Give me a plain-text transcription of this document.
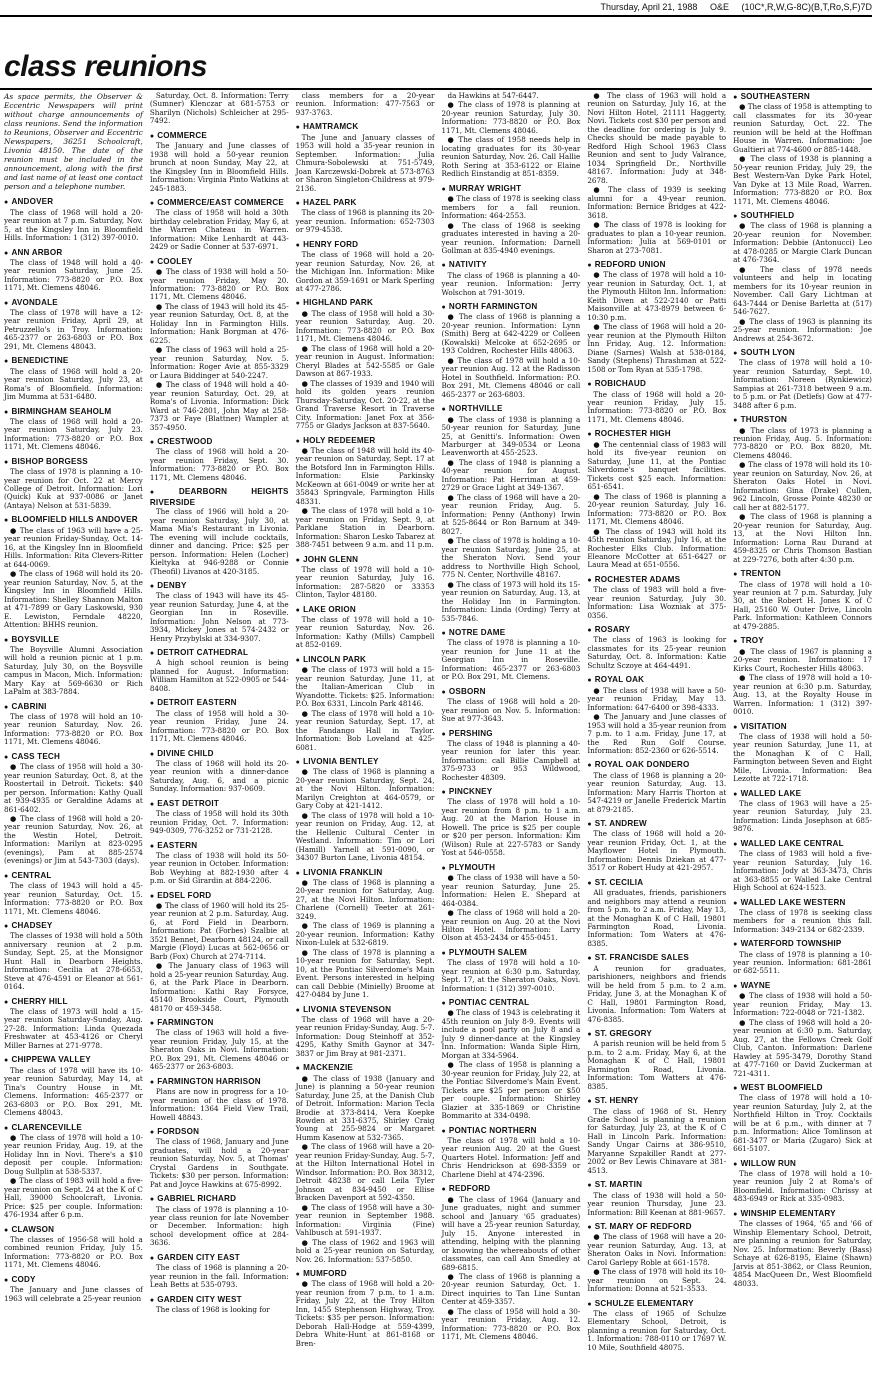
Thursday, April 21, 1988 O&E (10C*,R,W,G-8C)(B,T,Ro,S,F)7D
class reunions
As space permits, the Observer & Eccentric Newspapers will print without charge announcements of class reunions. Send the information to Reunions, Observer and Eccentric Newspapers, 36251 Schoolcraft, Livonia 48150. The date of the reunion must be included in the announcement, along with the first and last name of at least one contact person and a telephone number.
● ANDOVER
The class of 1968 will hold a 20-year reunion at 7 p.m. Saturday, Nov. 5, at the Kingsley Inn in Bloomfield Hills. Information: 1 (312) 397-0010.
● ANN ARBOR
The class of 1948 will hold a 40-year reunion Saturday, June 25. Information: 773-8820 or P.O. Box 1171, Mt. Clemens 48046.
● AVONDALE
The class of 1978 will have a 12-year reunion Friday, April 29, at Petruzzello's in Troy. Information: 465-2377 or 263-6803 or P.O. Box 291, Mt. Clemens 48043.
● BENEDICTINE
The class of 1968 will hold a 20-year reunion Saturday, July 23, at Roma's of Bloomfield. Information: Jim Mumma at 531-6480.
● BIRMINGHAM SEAHOLM
The class of 1968 will hold a 20-year reunion Saturday, July 23. Information: 773-8820 or P.O. Box 1171, Mt. Clemens 48046.
● BISHOP BORGESS
The class of 1978 is planning a 10-year reunion for Oct. 22 at Mercy College of Detroit. Information: Lori (Quick) Kuk at 937-0086 or Janet (Antaya) Nelson at 531-5839.
● BLOOMFIELD HILLS ANDOVER
● The class of 1963 will have a 25-year reunion Friday-Sunday, Oct. 14-16, at the Kingsley Inn in Bloomfield Hills. Information: Rita Clevers-Ritter at 644-0069.
● The class of 1968 will hold its 20-year reunion Saturday, Nov. 5, at the Kingsley Inn in Bloomfield Hills. Information: Shelley Shannon Malton at 471-7899 or Gary Laskowski, 930 E. Lewiston, Ferndale 48220, Attention: BHHS reunion.
● BOYSVILLE
The Boysville Alumni Association will hold a reunion picnic at 1 p.m. Saturday, July 30, on the Boysville campus in Macon, Mich. Information: Mary Kay at 569-6630 or Rich LaPalm at 383-7884.
● CABRINI
The class of 1978 will hold an 10-year reunion Saturday, Nov. 26. Information: 773-8820 or P.O. Box 1171, Mt. Clemens 48046.
● CASS TECH
● The class of 1958 will hold a 30-year reunion Saturday, Oct. 8, at the Roostertail in Detroit. Tickets: $40 per person. Information: Kathy Quall at 939-4935 or Geraldine Adams at 861-6402.
● The class of 1968 will hold a 20-year reunion Saturday, Nov. 26, at the Westin Hotel, Detroit. Information: Marilyn at 823-0295 (evenings), Pam at 885-2574 (evenings) or Jim at 543-7303 (days).
● CENTRAL
The class of 1943 will hold a 45-year reunion Saturday, Oct. 15. Information: 773-8820 or P.O. Box 1171, Mt. Clemens 48046.
● CHADSEY
The classes of 1938 will hold a 50th anniversary reunion at 2 p.m. Sunday, Sept. 25, at the Monsignor Hunt Hall in Dearborn Heights. Information: Cecilia at 278-6653, Steve at 476-4591 or Eleanor at 561-0164.
● CHERRY HILL
The class of 1973 will hold a 15-year reunion Saturday-Sunday, Aug. 27-28. Information: Linda Quezada Freshwater at 453-4126 or Cheryl Miller Barnes at 271-9778.
● CHIPPEWA VALLEY
The class of 1978 will have its 10-year reunion Saturday, May 14, at Tina's Country House in Mt. Clemens. Information: 465-2377 or 263-6803 or P.O. Box 291, Mt. Clemens 48043.
● CLARENCEVILLE
● The class of 1978 will hold a 10-year reunion Friday, Aug. 19, at the Holiday Inn in Novi. There's a $10 deposit per couple. Information: Doug Sullplin at 538-5337.
● The class of 1983 will hold a five-year reunion on Sept. 24 at the K of C Hall, 39000 Schoolcraft, Livonia. Price: $25 per couple. Information: 476-1934 after 6 p.m.
● CLAWSON
The classes of 1956-58 will hold a combined reunion Friday, July 15. Information: 773-8820 or P.O. Box 1171, Mt. Clemens 48046.
● CODY
The January and June classes of 1963 will celebrate a 25-year reunion
Saturday, Oct. 8. Information: Terry (Sumner) Klenczar at 681-5753 or Sharilyn (Nichols) Schleicher at 295-7492.
● COMMERCE
The January and June classes of 1938 will hold a 50-year reunion brunch at noon Sunday, May 22, at the Kingsley Inn in Bloomfield Hills. Information: Virginia Pinto Watkins at 245-1883.
● COMMERCE/EAST COMMERCE
The class of 1958 will hold a 30th birthday celebration Friday, May 6, at the Warren Chateau in Warren. Information: Mike Lenhardt at 443-2429 or Sadie Conner at 537-6971.
● COOLEY
● The class of 1938 will hold a 50-year reunion Friday, May 20. Information: 773-8820 or P.O. Box 1171, Mt. Clemens 48046.
● The class of 1943 will hold its 45-year reunion Saturday, Oct. 8, at the Holiday Inn in Farmington Hills. Information: Hank Borgman at 476-6225.
● The class of 1963 will hold a 25-year reunion Saturday, Nov. 5. Information: Roger Avie at 855-3329 or Laura Biddinger at 540-2247.
● The class of 1948 will hold a 40-year reunion Saturday, Oct. 29, at Roma's of Livonia. Information: Dick Ward at 746-2801, John May at 258-7373 or Faye (Blattner) Wampler at 357-4950.
● CRESTWOOD
The class of 1968 will hold a 20-year reunion Friday, Sept. 30. Information: 773-8820 or P.O. Box 1171, Mt. Clemens 48046.
● DEARBORN HEIGHTS RIVERSIDE
The class of 1966 will hold a 20-year reunion Saturday, July 30, at Mama Mia's Restaurant in Livonia. The evening will include cocktails, dinner and dancing. Price: $25 per person. Information: Helen (Locher) Kieltyka at 946-9288 or Connie (Theofil) Livanos at 420-3185.
● DENBY
The class of 1943 will have its 45-year reunion Saturday, June 4, at the Georgian Inn in Roseville. Information: John Nelson at 773-3934, Mickey Jones at 574-2432 or Henry Przybylski at 334-9307.
● DETROIT CATHEDRAL
A high school reunion is being planned for August. Information: William Hamilton at 522-0905 or 544-8408.
● DETROIT EASTERN
The class of 1958 will hold a 30-year reunion Friday, June 24. Information: 773-8820 or P.O. Box 1171, Mt. Clemens 48046.
● DIVINE CHILD
The class of 1968 will hold its 20-year reunion with a dinner-dance Saturday, Aug. 6, and a picnic Sunday. Information: 937-0609.
● EAST DETROIT
The class of 1958 will hold its 30th reunion Friday, Oct. 7. Information: 949-0309, 776-3252 or 731-2128.
● EASTERN
The class of 1938 will hold its 50-year reunion in October. Information: Bob Weyhing at 882-1930 after 4 p.m. or Sid Girardin at 884-2206.
● EDSEL FORD
● The class of 1960 will hold its 25-year reunion at 2 p.m. Saturday, Aug. 6, at Ford Field in Dearborn. Information: Pat (Forbes) Szalbie at 3521 Bennet, Dearborn 48124, or call Margie (Floyd) Lucas at 562-0656 or Barb (Fox) Church at 274-7114.
● The January class of 1963 will hold a 25-year reunion Saturday, Aug. 6, at the Park Place in Dearborn. Information: Kathi Ray Forsyce, 45140 Brookside Court, Plymouth 48170 or 459-3458.
● FARMINGTON
The class of 1963 will hold a five-year reunion Friday, July 15, at the Sheraton Oaks in Novi. Information: P.O. Box 291, Mt. Clemens 48046 or 465-2377 or 263-6803.
● FARMINGTON HARRISON
Plans are now in progress for a 10-year reunion of the class of 1978. Information: 1364 Field View Trail, Howell 48843.
● FORDSON
The class of 1968, January and June graduates, will hold a 20-year reunion Saturday, Nov. 5, at Thomas' Crystal Gardens in Southgate. Tickets: $30 per person. Information: Pat and Joyce Hawkins at 675-8992.
● GABRIEL RICHARD
The class of 1978 is planning a 10-year class reunion for late November or December. Information: high school development office at 284-3636.
● GARDEN CITY EAST
The class of 1968 is planning a 20-year reunion in the fall. Information: Leah Betts at 535-0793.
● GARDEN CITY WEST
The class of 1968 is looking for
class members for a 20-year reunion. Information: 477-7563 or 937-3763.
● HAMTRAMCK
The June and January classes of 1953 will hold a 35-year reunion in September. Information: Julia Chmura-Sobolewski at 751-5749, Joan Karczewski-Dobrek at 573-8763 or Sharon Singleton-Childress at 979-2136.
● HAZEL PARK
The class of 1968 is planning its 20-year reunion. Information: 652-7303 or 979-4538.
● HENRY FORD
The class of 1968 will hold a 20-year reunion Saturday, Nov. 26, at the Michigan Inn. Information: Mike Gordon at 359-1691 or Mark Sperling at 477-2786.
● HIGHLAND PARK
● The class of 1958 will hold a 30-year reunion Saturday, Aug. 20. Information: 773-8820 or P.O. Box 1171, Mt. Clemens 48046.
● The class of 1968 will hold a 20-year reunion in August. Information: Cheryl Blades at 542-5585 or Gale Dawson at 867-1933.
● The classes of 1939 and 1940 will hold its golden years reunion Thursday-Saturday, Oct. 20-22, at the Grand Traverse Resort in Traverse City. Information: Janet Fox at 356-7755 or Gladys Jackson at 837-5640.
● HOLY REDEEMER
● The class of 1948 will hold its 40-year reunion on Saturday, Sept. 17 at the Botsford Inn in Farmington Hills. Information: Elsie Parkinsky McKeown at 661-0049 or write her at 35843 Springvale, Farmington Hills 48331.
● The class of 1978 will hold a 10-year reunion on Friday, Sept. 9, at Parklane Station in Dearborn. Information: Sharon Lesko Tabarez at 388-7451 between 9 a.m. and 11 p.m.
● JOHN GLENN
The class of 1978 will hold a 10-year reunion Saturday, July 16. Information: 287-5820 or 33353 Clinton, Taylor 48180.
● LAKE ORION
The class of 1978 will hold a 10-year reunion Saturday, Nov. 26. Information: Kathy (Mills) Campbell at 852-0169.
● LINCOLN PARK
● The class of 1973 will hold a 15-year reunion Saturday, June 11, at the Italian-American Club in Wyandotte. Tickets: $25. Information: P.O. Box 6331, Lincoln Park 48146.
● The class of 1978 will hold a 10-year reunion Saturday, Sept. 17, at the Fandango Hall in Taylor. Information: Bob Loveland at 425-6081.
● LIVONIA BENTLEY
● The class of 1968 is planning a 20-year reunion Saturday, Sept. 24, at the Novi Hilton. Information: Marilyn Creighton at 464-0579, or Gary Coby at 421-1412.
● The class of 1978 will hold a 10-year reunion on Friday, Aug. 12, at the Hellenic Cultural Center in Westland. Information: Tim or Lori (Hamill) Yarnell at 591-0090, or 34307 Burton Lane, Livonia 48154.
● LIVONIA FRANKLIN
● The class of 1968 is planning a 20-year reunion for Saturday, Aug. 27, at the Novi Hilton. Information: Charlene (Cornell) Teeter at 261-3249.
● The class of 1969 is planning a 20-year reunion. Information: Kathy Nixon-Lulek at 532-6819.
● The class of 1978 is planning a 10-year reunion for Saturday, Sept. 10, at the Pontiac Silverdome's Main Event. Persons interested in helping can call Debbie (Minielly) Broome at 427-0484 by June 1.
● LIVONIA STEVENSON
The class of 1968 will have a 20-year reunion Friday-Sunday, Aug. 5-7. Information: Doug Steinhoff at 352-4295, Kathy Smith Gaynor at 347-3837 or Jim Bray at 981-2371.
● MACKENZIE
● The class of 1938 (January and June) is planning a 50-year reunion Saturday, June 25, at the Danish Club of Detroit. Information: Marion Tecla Brodie at 373-8414, Vera Koepke Rowden at 331-6375, Shirley Craig Young at 255-9824 or Margaret Humm Kasenow at 532-7365.
● The class of 1968 will have a 20-year reunion Friday-Sunday, Aug. 5-7, at the Hilton International Hotel in Windsor. Information: P.O. Box 38312, Detroit 48238 or call Leila Tyler Johnson at 834-9450 or Ellise Bracken Davenport at 592-4350.
● The class of 1958 will have a 30-year reunion in September 1988. Information: Virginia (Fine) Vahlbusch at 591-1937.
● The class of 1962 and 1963 will hold a 25-year reunion on Saturday, Nov. 26. Information: 537-5850.
● MUMFORD
● The class of 1968 will hold a 20-year reunion from 7 p.m. to 1 a.m. Friday, July 22, at the Troy Hilton Inn, 1455 Stephenson Highway, Troy. Tickets: $35 per person. Information: Deborah Hall-Hodge at 559-4399, Debra White-Hunt at 861-8168 or Bren-
da Hawkins at 547-6447.
● The class of 1978 is planning at 20-year reunion Saturday, July 30. Information: 773-8820 or P.O. Box 1171, Mt. Clemens 48046.
● The class of 1958 needs help in locating graduates for its 30-year reunion Saturday, Nov. 26. Call Hallie Roth Sering at 353-6122 or Elaine Redlich Einstandig at 851-8359.
● MURRAY WRIGHT
● The class of 1978 is seeking class members for a fall reunion. Information: 464-2553.
● The class of 1968 is seeking graduates interested in having a 20-year reunion. Information: Darnell Gollman at 835-4940 evenings.
● NATIVITY
The class of 1968 is planning a 40-year reunion. Information: Jerry Wolschon at 791-3019.
● NORTH FARMINGTON
● The class of 1968 is planning a 20-year reunion. Information: Lynn (Smith) Berg at 642-4229 or Colleen (Kowalski) Melcoke at 652-2695 or 193 Coldren, Rochester Hills 48063.
● The class of 1978 will hold a 10-year reunion Aug. 12 at the Radisson Hotel in Southfield. Information: P.O. Box 291, Mt. Clemens 48046 or call 465-2377 or 263-6803.
● NORTHVILLE
● The class of 1938 is planning a 50-year reunion for Saturday, June 25, at Genitti's. Information: Owen Marburger at 349-0534 or Leona Leavenworth at 455-2523.
● The class of 1948 is planning a 40-year reunion for August. Information: Pat Herriman at 459-2729 or Grace Light at 349-1367.
● The class of 1968 will have a 20-year reunion Friday, Aug. 5. Information: Penny (Anthony) Irwin at 525-8644 or Ron Barnum at 349-8027.
● The class of 1978 is holding a 10-year reunion Saturday, June 25, at the Sheraton Novi. Send your address to Northville High School, 775 N. Center, Northville 48167.
● The class of 1973 will hold its 15-year reunion on Saturday, Aug. 13, at the Holiday Inn in Farmington. Information: Linda (Ording) Terry at 535-7846.
● NOTRE DAME
The class of 1978 is planning a 10-year reunion for June 11 at the Georgian Inn in Roseville. Information: 465-2377 or 263-6803 or P.O. Box 291, Mt. Clemens.
● OSBORN
The class of 1968 will hold a 20-year reunion on Nov. 5. Information: Sue at 977-3643.
● PERSHING
The class of 1948 is planning a 40-year reunion for later this year. Information: call Billie Campbell at 375-9733 or 953 Wildwood, Rochester 48309.
● PINCKNEY
The class of 1978 will hold a 10-year reunion from 8 p.m. to 1 a.m. Aug. 20 at the Marion House in Howell. The price is $25 per couple or $20 per person. Information: Kim (Wilson) Rule at 227-5783 or Sandy Yost at 546-0558.
● PLYMOUTH
● The class of 1938 will have a 50-year reunion Saturday, June 25. Information: Helen E. Shepard at 464-0384.
● The class of 1968 will hold a 20-year reunion on Aug. 20 at the Novi Hilton Hotel. Information: Larry Olson at 453-2434 or 455-0451.
● PLYMOUTH SALEM
The class of 1978 will hold a 10-year reunion at 6:30 p.m. Saturday, Sept. 17, at the Sheraton Oaks, Novi. Information: 1 (312) 397-0010.
● PONTIAC CENTRAL
● The class of 1943 is celebrating it 45th reunion on July 8-9. Events will include a pool party on July 8 and a July 9 dinner-dance at the Kingsley Inn. Information: Wanda Siple Hirn, Morgan at 334-5964.
● The class of 1958 is planning a 30-year reunion for Friday, July 22, at the Pontiac Silverdome's Main Event. Tickets are $25 per person or $50 per couple. Information: Shirley Glazier at 335-1869 or Christine Bommarito at 334-0498.
● PONTIAC NORTHERN
The class of 1978 will hold a 10-year reunion Aug. 20 at the Guest Quarters Hotel. Information: Jeff and Chris Hendrickson at 698-3359 or Charlene Diehl at 474-2396.
● REDFORD
● The class of 1964 (January and June graduates, night and summer school and January '65 graduates) will have a 25-year reunion Saturday, July 15. Anyone interested in attending, helping with the planning or knowing the whereabouts of other classmates, can call Ann Smedley at 689-6815.
● The class of 1968 is planning a 20-year reunion Saturday, Oct. 1. Direct inquiries to Tan Line Suntan Center at 459-3357.
● The class of 1958 will hold a 30-year reunion Friday, Aug. 12. Information: 773-8820 or P.O. Box 1171, Mt. Clemens 48046.
● The class of 1963 will hold a reunion on Saturday, July 16, at the Novi Hilton Hotel, 21111 Haggerty, Novi. Tickets cost $30 per person and the deadline for ordering is July 9. Checks should be made payable to Redford High School 1963 Class Reunion and sent to Judy Valrance, 1034 Springfield Dr., Northville 48167. Information: Judy at 348-2678.
● The class of 1939 is seeking alumni for a 49-year reunion. Information: Bernice Bridges at 422-3618.
● The class of 1978 is looking for graduates to plan a 10-year reunion. Information: Julia at 569-0101 or Sharon at 273-7081.
● REDFORD UNION
● The class of 1978 will hold a 10-year reunion in Saturday, Oct. 1, at the Plymouth Hilton Inn. Information: Keith Diven at 522-2140 or Patti Maisonville at 473-8979 between 6-10:30 p.m.
● The class of 1968 will hold a 20-year reunion at the Plymouth Hilton Inn Friday, Aug. 12. Information: Diane (Sarnes) Walsh at 538-0184, Sandy (Stephens) Thrashman at 522-1508 or Tom Ryan at 535-1798.
● ROBICHAUD
The class of 1968 will hold a 20-year reunion Friday, July 15. Information: 773-8820 or P.O. Box 1171, Mt. Clemens 48046.
● ROCHESTER HIGH
● The centennial class of 1983 will hold its five-year reunion on Saturday, June 11, at the Pontiac Silverdome's banquet facilities. Tickets cost $25 each. Information: 651-6541.
● The class of 1968 is planning a 20-year reunion Saturday, July 16. Information: 773-8820 or P.O. Box 1171, Mt. Clemens 48046.
● The class of 1943 will hold its 45th reunion Saturday, July 16, at the Rochester Elks Club. Information: Eleanore McCotter at 651-6427 or Laura Mead at 651-0556.
● ROCHESTER ADAMS
The class of 1983 will hold a five-year reunion Saturday, July 30. Information: Lisa Wozniak at 375-0356.
● ROSARY
The class of 1963 is looking for classmates for its 25-year reunion Saturday, Oct. 8. Information: Katie Schultz Sczoye at 464-4491.
● ROYAL OAK
● The class of 1938 will have a 50-year reunion Friday, May 13. Information: 647-6400 or 398-4333.
● The January and June classes of 1953 will hold a 35-year reunion from 7 p.m. to 1 a.m. Friday, June 17, at the Red Run Golf Course. Information: 852-2360 or 626-5514.
● ROYAL OAK DONDERO
The class of 1968 is planning a 20-year reunion Saturday, Aug. 13. Information: Mary Harris Thorton at 547-4219 or Janelle Frederick Martin at 879-2185.
● ST. ANDREW
The class of 1968 will hold a 20-year reunion Friday, Oct. 1, at the Mayflower Hotel in Plymouth. Information: Dennis Dziekan at 477-3517 or Robert Hudy at 421-2957.
● ST. CECILIA
All graduates, friends, parishioners and neighbors may attend a reunion from 5 p.m. to 2 a.m. Friday, May 13, at the Monaghan K of C Hall, 19801 Farmington Road, Livonia. Information: Tom Waters at 476-8385.
● ST. FRANCISDE SALES
A reunion for graduates, parishioners, neighbors and friends will be held from 5 p.m. to 2 a.m. Friday, June 3, at the Monaghan K of C Hall, 19801 Farmington Road, Livonia. Information: Tom Waters at 476-8385.
● ST. GREGORY
A parish reunion will be held from 5 p.m. to 2 a.m. Friday, May 6, at the Monaghan K of C Hall, 19801 Farmington Road, Livonia. Information: Tom Watters at 476-8385.
● ST. HENRY
The class of 1968 of St. Henry Grade School is planning a reunion for Saturday, July 23, at the K of C Hall in Lincoln Park. Information: Sandy Ungar Cairns at 386-9510, Maryanne Szpakiller Randt at 277-2002 or Bev Lewis Chinavare at 381-4513.
● ST. MARTIN
The class of 1938 will hold a 50-year reunion Thursday, June 23. Information: Bill Keenan at 881-9657.
● ST. MARY OF REDFORD
● The class of 1968 will have a 20-year reunion Saturday, Aug. 13, at Sheraton Oaks in Novi. Information: Carol Garlepy Roble at 661-1578.
● The class of 1978 will hold its 10-year reunion on Sept. 24. Information: Donna at 521-3533.
● SCHULZE ELEMENTARY
The class of 1965 of Schulze Elementary School, Detroit, is planning a reunion for Saturday, Oct. 1. Information: 788-0110 or 17697 W. 10 Mile, Southfield 48075.
● SOUTHEASTERN
● The class of 1958 is attempting to call classmates for its 30-year reunion Saturday, Oct. 22. The reunion will be held at the Hoffman House in Warren. Information: Joe Gualtieri at 774-4600 or 885-1448.
● The class of 1938 is planning a 50-year reunion Friday, July 29, the Best Western-Van Dyke Park Hotel, Van Dyke at 13 Mile Road, Warren. Information: 773-8820 or P.O. Box 1171, Mt. Clemens 48046.
● SOUTHFIELD
● The class of 1968 is planning a 20-year reunion for November. Information: Debbie (Antonucci) Leo at 478-0285 or Margie Clark Duncan at 476-7364.
● The class of 1978 needs volunteers and help in locating members for its 10-year reunion in November. Call Gary Lichtman at 643-7444 or Denise Barletta at (517) 546-7627.
● The class of 1963 is planning its 25-year reunion. Information: Joe Andrews at 254-3672.
● SOUTH LYON
The class of 1978 will hold a 10-year reunion Saturday, Sept. 10. Information: Noreen (Rynkiewicz) Sampias at 261-7318 between 9 a.m. to 5 p.m. or Pat (Detlefs) Gow at 477-3488 after 6 p.m.
● THURSTON
● The class of 1973 is planning a reunion Friday, Aug. 5. Information: 773-8820 or P.O. Box 8820, Mt. Clemens 48046.
● The class of 1978 will hold its 10-year reunion on Saturday, Nov. 26, at Sheraton Oaks Hotel in Novi. Information: Gina (Drake) Cullen, 962 Lincoln, Grosse Pointe 48230 or call her at 882-5177.
● The class of 1968 is planning a 20-year reunion for Saturday, Aug. 13, at the Novi Hilton Inn. Information: Lorna Rau Durand at 459-8325 or Chris Thomson Bastian at 229-7276, both after 4:30 p.m.
● TRENTON
The class of 1978 will hold a 10-year reunion at 7 p.m. Saturday, July 30, at the Robert H. Jones K of C Hall, 25160 W. Outer Drive, Lincoln Park. Information: Kathleen Connors at 479-2885.
● TROY
● The class of 1967 is planning a 20-year reunion. Information: 17 Kirks Court, Rochester Hills 48063.
● The class of 1978 will hold a 10-year reunion at 6:30 p.m. Saturday, Aug. 13, at the Royalty House in Warren. Information: 1 (312) 397-0010.
● VISITATION
The class of 1938 will hold a 50-year reunion Saturday, June 11, at the Monaghan K of C Hall, Farmington between Seven and Eight Mile, Livonia. Information: Bea Lezotte at 722-1718.
● WALLED LAKE
The class of 1963 will have a 25-year reunion Saturday, July 23. Information: Linda Josephson at 685-9876.
● WALLED LAKE CENTRAL
The class of 1983 will hold a five-year reunion Saturday, July 16. Information: Jody at 363-3473, Chris at 363-8855 or Walled Lake Central High School at 624-1523.
● WALLED LAKE WESTERN
The class of 1978 is seeking class members for a reunion this fall. Information: 349-2134 or 682-2339.
● WATERFORD TOWNSHIP
The class of 1978 is planning a 10-year reunion. Information: 681-2861 or 682-5511.
● WAYNE
● The class of 1938 will hold a 50-year reunion Friday, May 13. Information: 722-0048 or 721-1382.
● The class of 1968 will hold a 20-year reunion at 6:30 p.m. Saturday, Aug. 27, at the Fellows Creek Golf Club, Canton. Information: Darlene Hawley at 595-3479, Dorothy Stand at 477-7160 or David Zuckerman at 721-4311.
● WEST BLOOMFIELD
The class of 1978 will hold a 10-year reunion Saturday, July 2, at the Northfield Hilton in Troy. Cocktails will be at 6 p.m., with dinner at 7 p.m. Information: Alice Tomlinson at 681-3477 or Maria (Zugaro) Sick at 661-5107.
● WILLOW RUN
The class of 1978 will hold a 10-year reunion July 2 at Roma's of Bloomfield. Information: Chrissy at 483-6949 or Rick at 335-0983.
● WINSHIP ELEMENTARY
The classes of 1964, '65 and '66 of Winship Elementary School, Detroit, are planning a reunion for Saturday, Nov. 25. Information: Beverly (Bass) Schaye at 626-8195, Elaine (Shawn) Jarvis at 851-3862, or Class Reunion, 4854 MacQueen Dr., West Bloomfield 48033.
